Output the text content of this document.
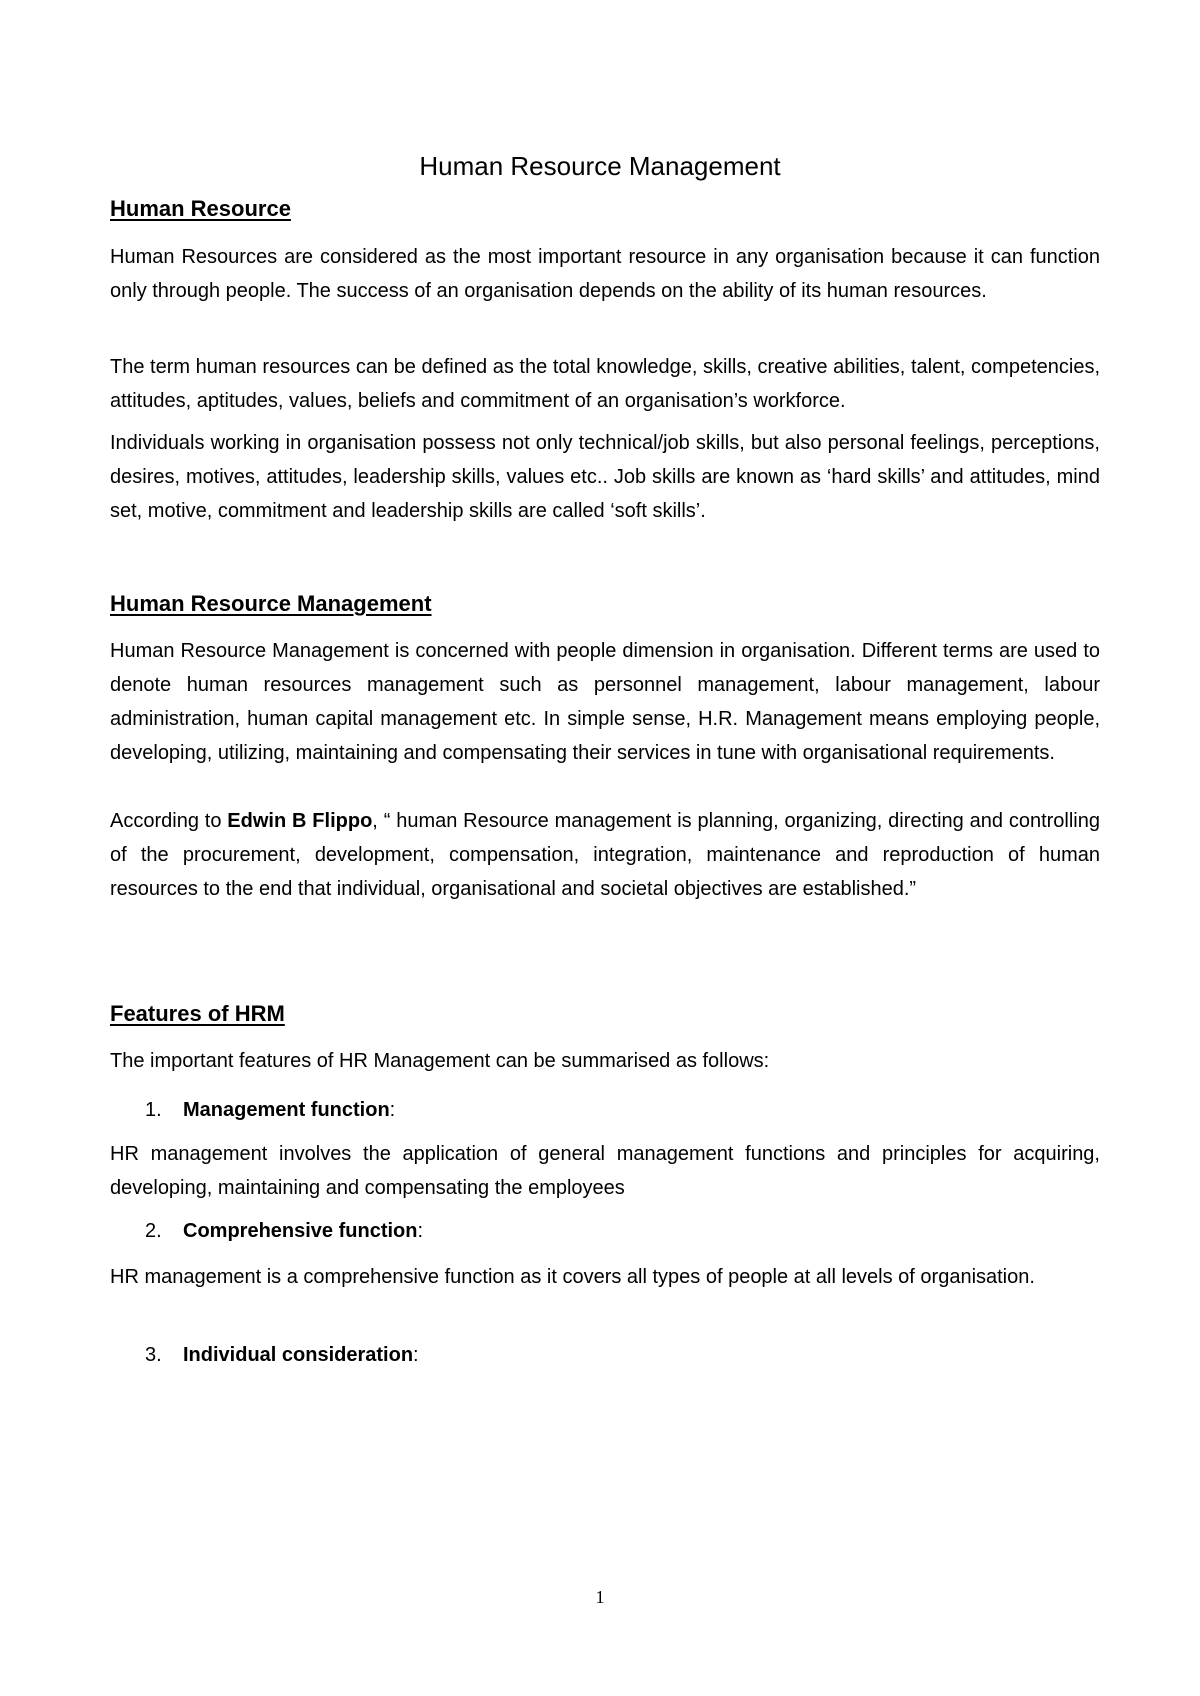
Human Resource Management
Human Resource

Human Resources are considered as the most important resource in any organisation because it can function only through people. The success of an organisation depends on the ability of its human resources.

The term human resources can be defined as the total knowledge, skills, creative abilities, talent, competencies, attitudes, aptitudes, values, beliefs and commitment of an organisation’s workforce.

Individuals working in organisation possess not only technical/job skills, but also personal feelings, perceptions, desires, motives, attitudes, leadership skills, values etc.. Job skills are known as ‘hard skills’ and attitudes, mind set, motive, commitment and leadership skills are called ‘soft skills’.

Human Resource Management

Human Resource Management is concerned with people dimension in organisation. Different terms are used to denote human resources management such as personnel management, labour management, labour administration, human capital management etc. In simple sense, H.R. Management means employing people, developing, utilizing, maintaining and compensating their services in tune with organisational requirements.

According to Edwin B Flippo, “ human Resource management is planning, organizing, directing and controlling of the procurement, development, compensation, integration, maintenance and reproduction of human resources to the end that individual, organisational and societal objectives are established.”

Features of HRM

The important features of HR Management can be summarised as follows:

1. Management function:

HR management involves the application of general management functions and principles for acquiring, developing, maintaining and compensating the employees

2. Comprehensive function:

HR management is a comprehensive function as it covers all types of people at all levels of organisation.

3. Individual consideration:
1
